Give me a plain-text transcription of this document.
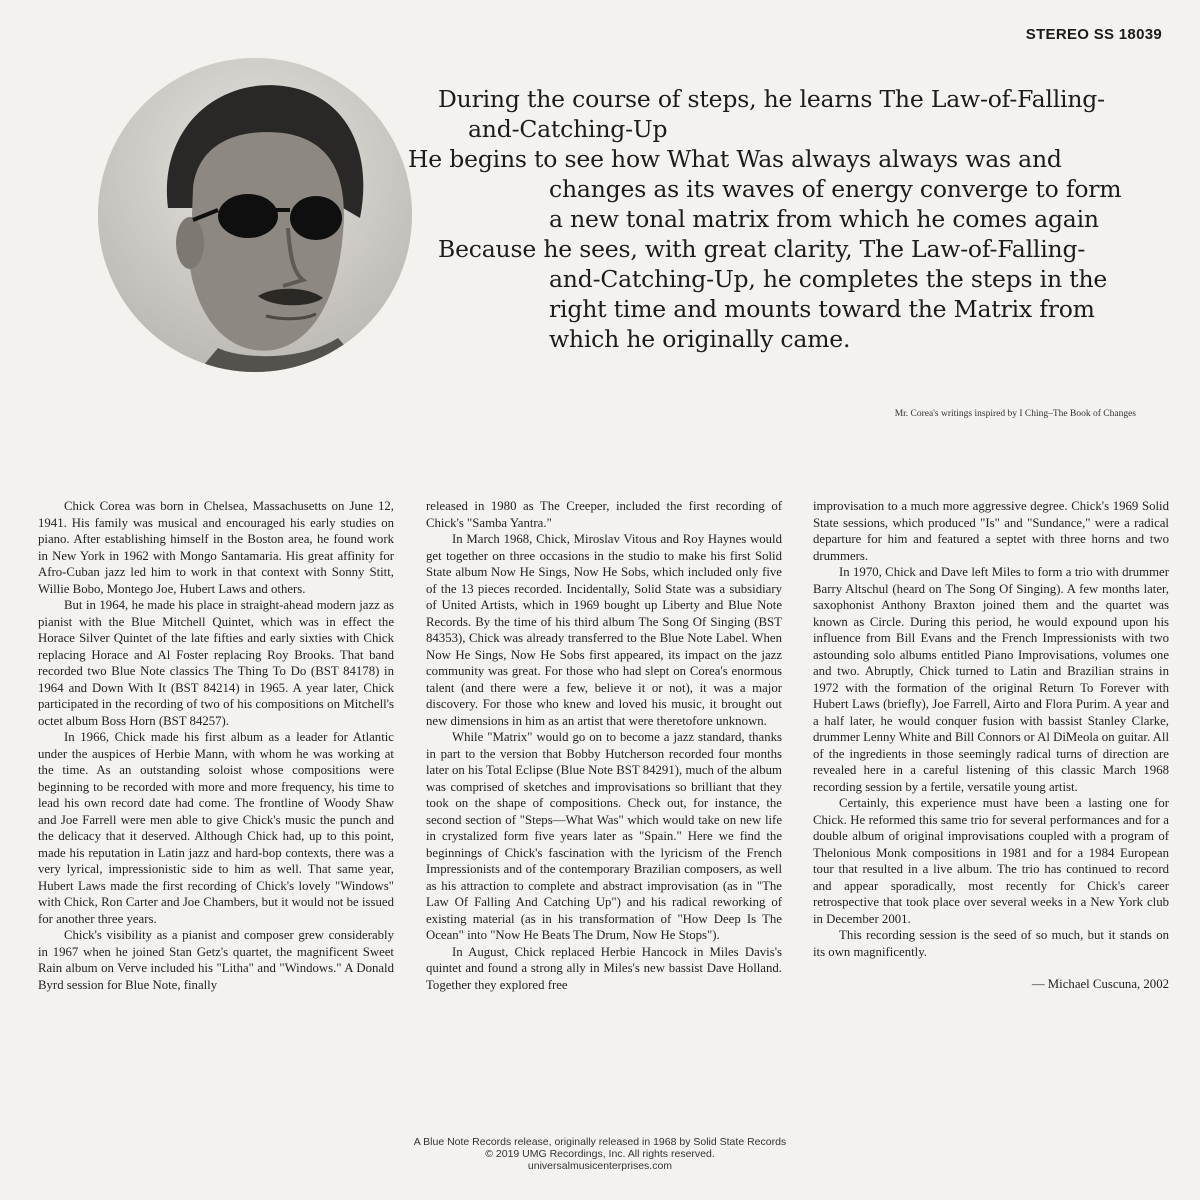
STEREO SS 18039
During the course of steps, he learns The Law-of-Falling-
and-Catching-Up
He begins to see how What Was always always was and
changes as its waves of energy converge to form
a new tonal matrix from which he comes again
Because he sees, with great clarity, The Law-of-Falling-
and-Catching-Up, he completes the steps in the
right time and mounts toward the Matrix from
which he originally came.
Mr. Corea's writings inspired by I Ching–The Book of Changes

Chick Corea was born in Chelsea, Massachusetts on June 12, 1941. His family was musical and encouraged his early studies on piano. After establishing himself in the Boston area, he found work in New York in 1962 with Mongo Santamaria. His great affinity for Afro-Cuban jazz led him to work in that context with Sonny Stitt, Willie Bobo, Montego Joe, Hubert Laws and others.

But in 1964, he made his place in straight-ahead modern jazz as pianist with the Blue Mitchell Quintet, which was in effect the Horace Silver Quintet of the late fifties and early sixties with Chick replacing Horace and Al Foster replacing Roy Brooks. That band recorded two Blue Note classics The Thing To Do (BST 84178) in 1964 and Down With It (BST 84214) in 1965. A year later, Chick participated in the recording of two of his compositions on Mitchell's octet album Boss Horn (BST 84257).

In 1966, Chick made his first album as a leader for Atlantic under the auspices of Herbie Mann, with whom he was working at the time. As an outstanding soloist whose compositions were beginning to be recorded with more and more frequency, his time to lead his own record date had come. The frontline of Woody Shaw and Joe Farrell were men able to give Chick's music the punch and the delicacy that it deserved. Although Chick had, up to this point, made his reputation in Latin jazz and hard-bop contexts, there was a very lyrical, impressionistic side to him as well. That same year, Hubert Laws made the first recording of Chick's lovely "Windows" with Chick, Ron Carter and Joe Chambers, but it would not be issued for another three years.

Chick's visibility as a pianist and composer grew considerably in 1967 when he joined Stan Getz's quartet, the magnificent Sweet Rain album on Verve included his "Litha" and "Windows." A Donald Byrd session for Blue Note, finally

released in 1980 as The Creeper, included the first recording of Chick's "Samba Yantra."

In March 1968, Chick, Miroslav Vitous and Roy Haynes would get together on three occasions in the studio to make his first Solid State album Now He Sings, Now He Sobs, which included only five of the 13 pieces recorded. Incidentally, Solid State was a subsidiary of United Artists, which in 1969 bought up Liberty and Blue Note Records. By the time of his third album The Song Of Singing (BST 84353), Chick was already transferred to the Blue Note Label. When Now He Sings, Now He Sobs first appeared, its impact on the jazz community was great. For those who had slept on Corea's enormous talent (and there were a few, believe it or not), it was a major discovery. For those who knew and loved his music, it brought out new dimensions in him as an artist that were theretofore unknown.

While "Matrix" would go on to become a jazz standard, thanks in part to the version that Bobby Hutcherson recorded four months later on his Total Eclipse (Blue Note BST 84291), much of the album was comprised of sketches and improvisations so brilliant that they took on the shape of compositions. Check out, for instance, the second section of "Steps—What Was" which would take on new life in crystalized form five years later as "Spain." Here we find the beginnings of Chick's fascination with the lyricism of the French Impressionists and of the contemporary Brazilian composers, as well as his attraction to complete and abstract improvisation (as in "The Law Of Falling And Catching Up") and his radical reworking of existing material (as in his transformation of "How Deep Is The Ocean" into "Now He Beats The Drum, Now He Stops").

In August, Chick replaced Herbie Hancock in Miles Davis's quintet and found a strong ally in Miles's new bassist Dave Holland. Together they explored free

improvisation to a much more aggressive degree. Chick's 1969 Solid State sessions, which produced "Is" and "Sundance," were a radical departure for him and featured a septet with three horns and two drummers.

In 1970, Chick and Dave left Miles to form a trio with drummer Barry Altschul (heard on The Song Of Singing). A few months later, saxophonist Anthony Braxton joined them and the quartet was known as Circle. During this period, he would expound upon his influence from Bill Evans and the French Impressionists with two astounding solo albums entitled Piano Improvisations, volumes one and two. Abruptly, Chick turned to Latin and Brazilian strains in 1972 with the formation of the original Return To Forever with Hubert Laws (briefly), Joe Farrell, Airto and Flora Purim. A year and a half later, he would conquer fusion with bassist Stanley Clarke, drummer Lenny White and Bill Connors or Al DiMeola on guitar. All of the ingredients in those seemingly radical turns of direction are revealed here in a careful listening of this classic March 1968 recording session by a fertile, versatile young artist.

Certainly, this experience must have been a lasting one for Chick. He reformed this same trio for several performances and for a double album of original improvisations coupled with a program of Thelonious Monk compositions in 1981 and for a 1984 European tour that resulted in a live album. The trio has continued to record and appear sporadically, most recently for Chick's career retrospective that took place over several weeks in a New York club in December 2001.

This recording session is the seed of so much, but it stands on its own magnificently.

— Michael Cuscuna, 2002

A Blue Note Records release, originally released in 1968 by Solid State Records
© 2019 UMG Recordings, Inc. All rights reserved.
universalmusicenterprises.com
